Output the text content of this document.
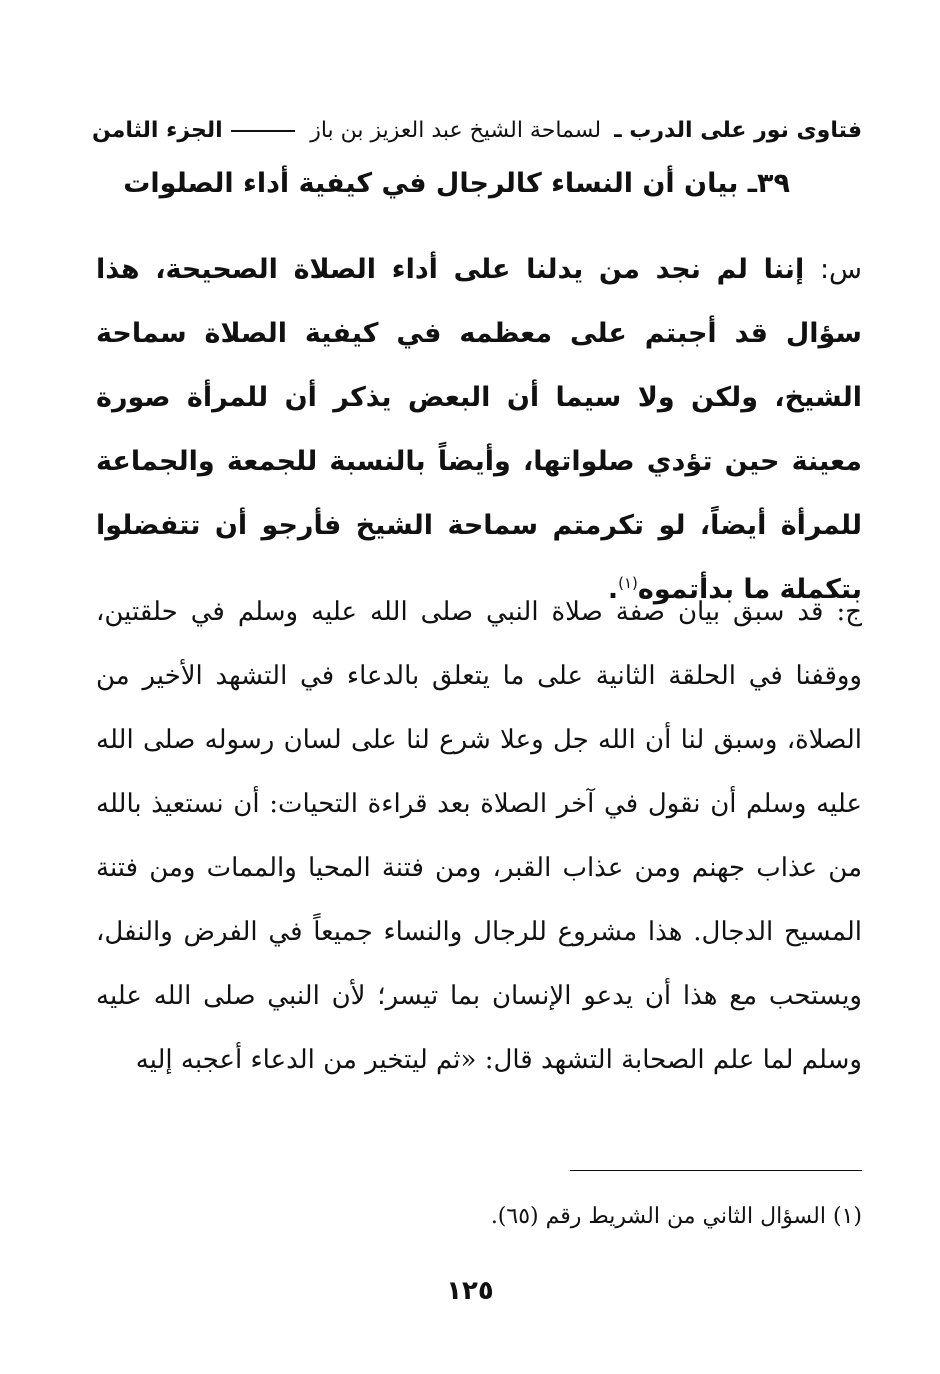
فتاوى نور على الدرب ـ لسماحة الشيخ عبد العزيز بن باز
الجزء الثامن
٣٩ـ بيان أن النساء كالرجال في كيفية أداء الصلوات
س: إننا لم نجد من يدلنا على أداء الصلاة الصحيحة، هذا سؤال قد أجبتم على معظمه في كيفية الصلاة سماحة الشيخ، ولكن ولا سيما أن البعض يذكر أن للمرأة صورة معينة حين تؤدي صلواتها، وأيضاً بالنسبة للجمعة والجماعة للمرأة أيضاً، لو تكرمتم سماحة الشيخ فأرجو أن تتفضلوا بتكملة ما بدأتموه$^{(١)}$.
ج: قد سبق بيان صفة صلاة النبي صلى الله عليه وسلم في حلقتين، ووقفنا في الحلقة الثانية على ما يتعلق بالدعاء في التشهد الأخير من الصلاة، وسبق لنا أن الله جل وعلا شرع لنا على لسان رسوله صلى الله عليه وسلم أن نقول في آخر الصلاة بعد قراءة التحيات: أن نستعيذ بالله من عذاب جهنم ومن عذاب القبر، ومن فتنة المحيا والممات ومن فتنة المسيح الدجال. هذا مشروع للرجال والنساء جميعاً في الفرض والنفل، ويستحب مع هذا أن يدعو الإنسان بما تيسر؛ لأن النبي صلى الله عليه وسلم لما علم الصحابة التشهد قال: «ثم ليتخير من الدعاء أعجبه إليه
(١) السؤال الثاني من الشريط رقم (٦٥).
١٢٥
